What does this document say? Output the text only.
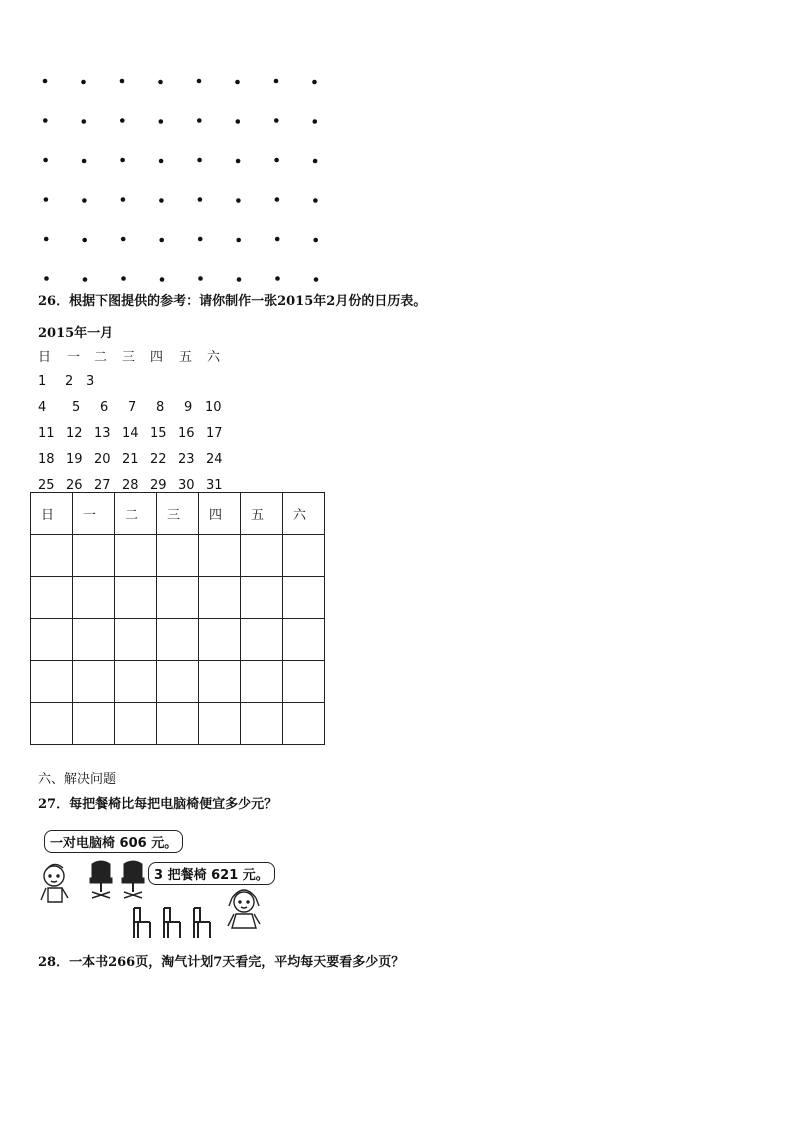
26．根据下图提供的参考：请你制作一张2015年2月份的日历表。
2015年一月
日 一 二 三 四 五 六
1 2 3
4 5 6 7 8 9 10
11 12 13 14 15 16 17
18 19 20 21 22 23 24
25 26 27 28 29 30 31
日	一	二	三	四	五	六

六、解决问题
27．每把餐椅比每把电脑椅便宜多少元？
一对电脑椅 606 元。
3 把餐椅 621 元。
28．一本书266页，淘气计划7天看完，平均每天要看多少页？
